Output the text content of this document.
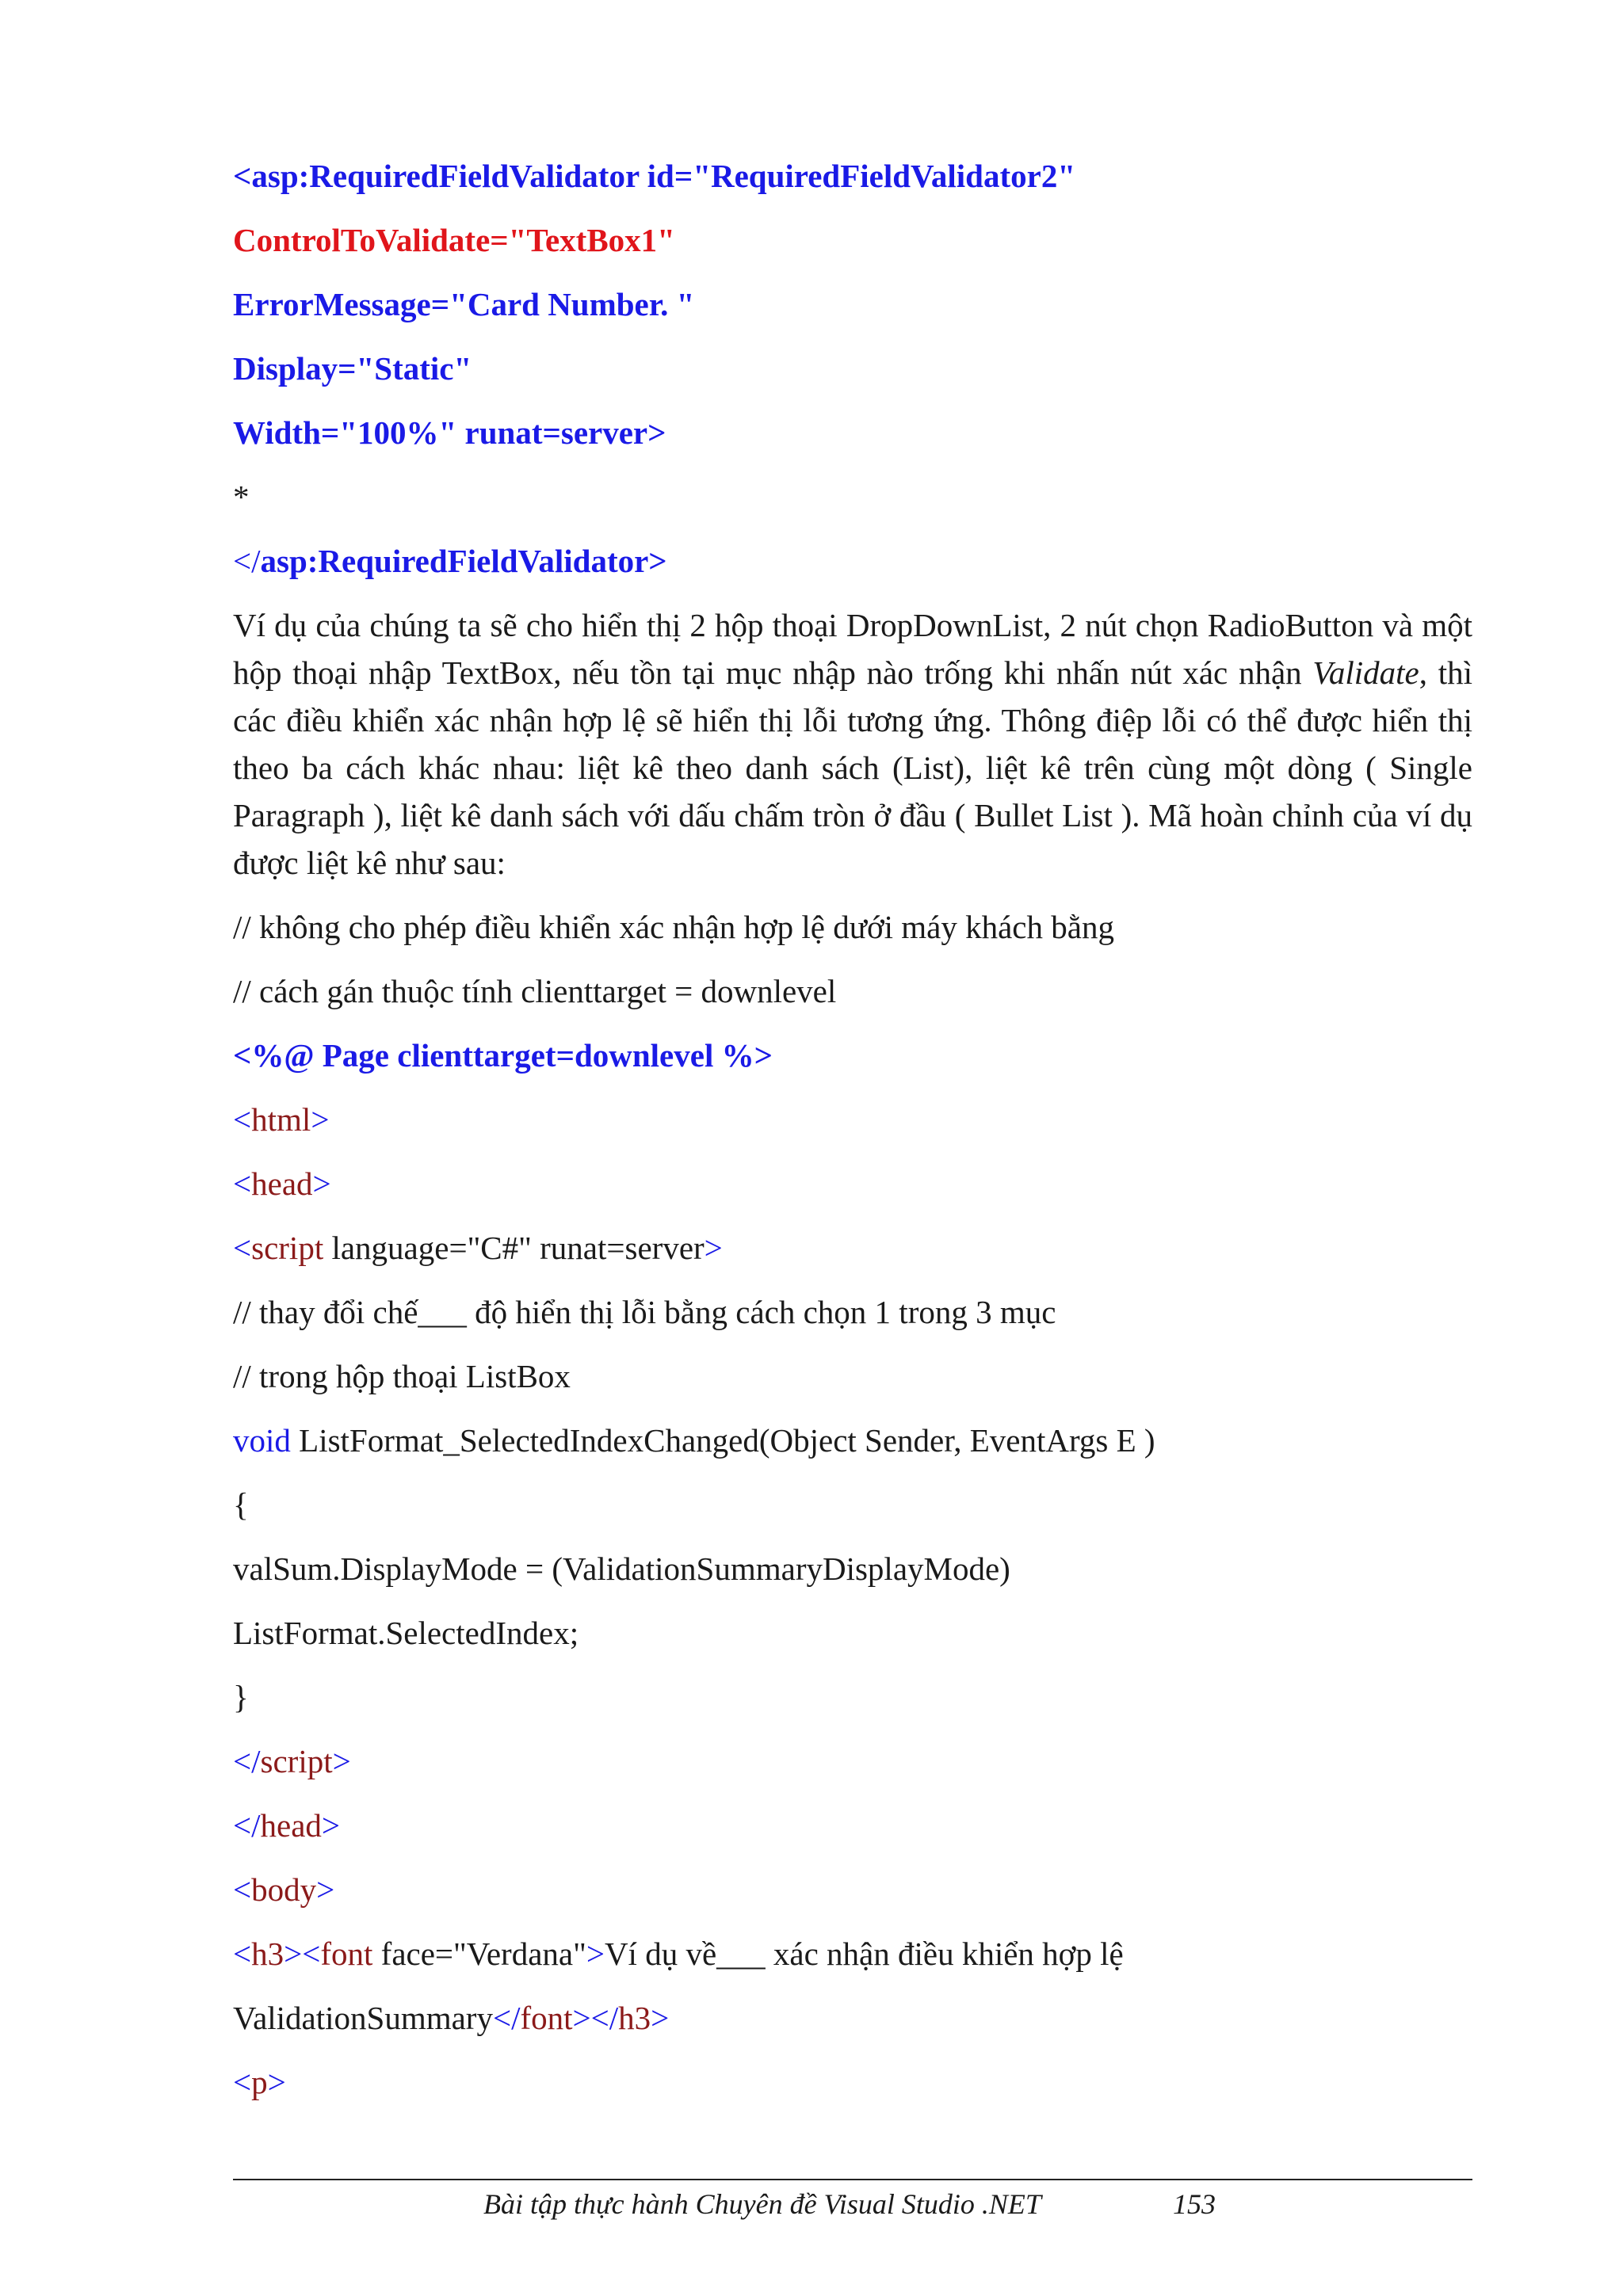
<asp:RequiredFieldValidator id="RequiredFieldValidator2"
ControlToValidate="TextBox1"
ErrorMessage="Card Number. "
Display="Static"
Width="100%" runat=server>
*
</asp:RequiredFieldValidator>
Ví dụ của chúng ta sẽ cho hiển thị 2 hộp thoại DropDownList, 2 nút chọn RadioButton và một hộp thoại nhập TextBox, nếu tồn tại mục nhập nào trống khi nhấn nút xác nhận Validate, thì các điều khiển xác nhận hợp lệ sẽ hiển thị lỗi tương ứng. Thông điệp lỗi có thể được hiển thị theo ba cách khác nhau: liệt kê theo danh sách (List), liệt kê trên cùng một dòng ( Single Paragraph ), liệt kê danh sách với dấu chấm tròn ở đầu ( Bullet List ). Mã hoàn chỉnh của ví dụ được liệt kê như sau:
// không cho phép điều khiển xác nhận hợp lệ dưới máy khách bằng
// cách gán thuộc tính clienttarget = downlevel
<%@ Page clienttarget=downlevel %>
<html>
<head>
<script language="C#" runat=server>
// thay đổi chế___ độ hiển thị lỗi bằng cách chọn 1 trong 3 mục
// trong hộp thoại ListBox
void ListFormat_SelectedIndexChanged(Object Sender, EventArgs E )
{
valSum.DisplayMode = (ValidationSummaryDisplayMode)
ListFormat.SelectedIndex;
}
</script>
</head>
<body>
<h3><font face="Verdana">Ví dụ về___ xác nhận điều khiển hợp lệ
ValidationSummary</font></h3>
<p>
Bài tập thực hành Chuyên đề Visual Studio .NET	153
